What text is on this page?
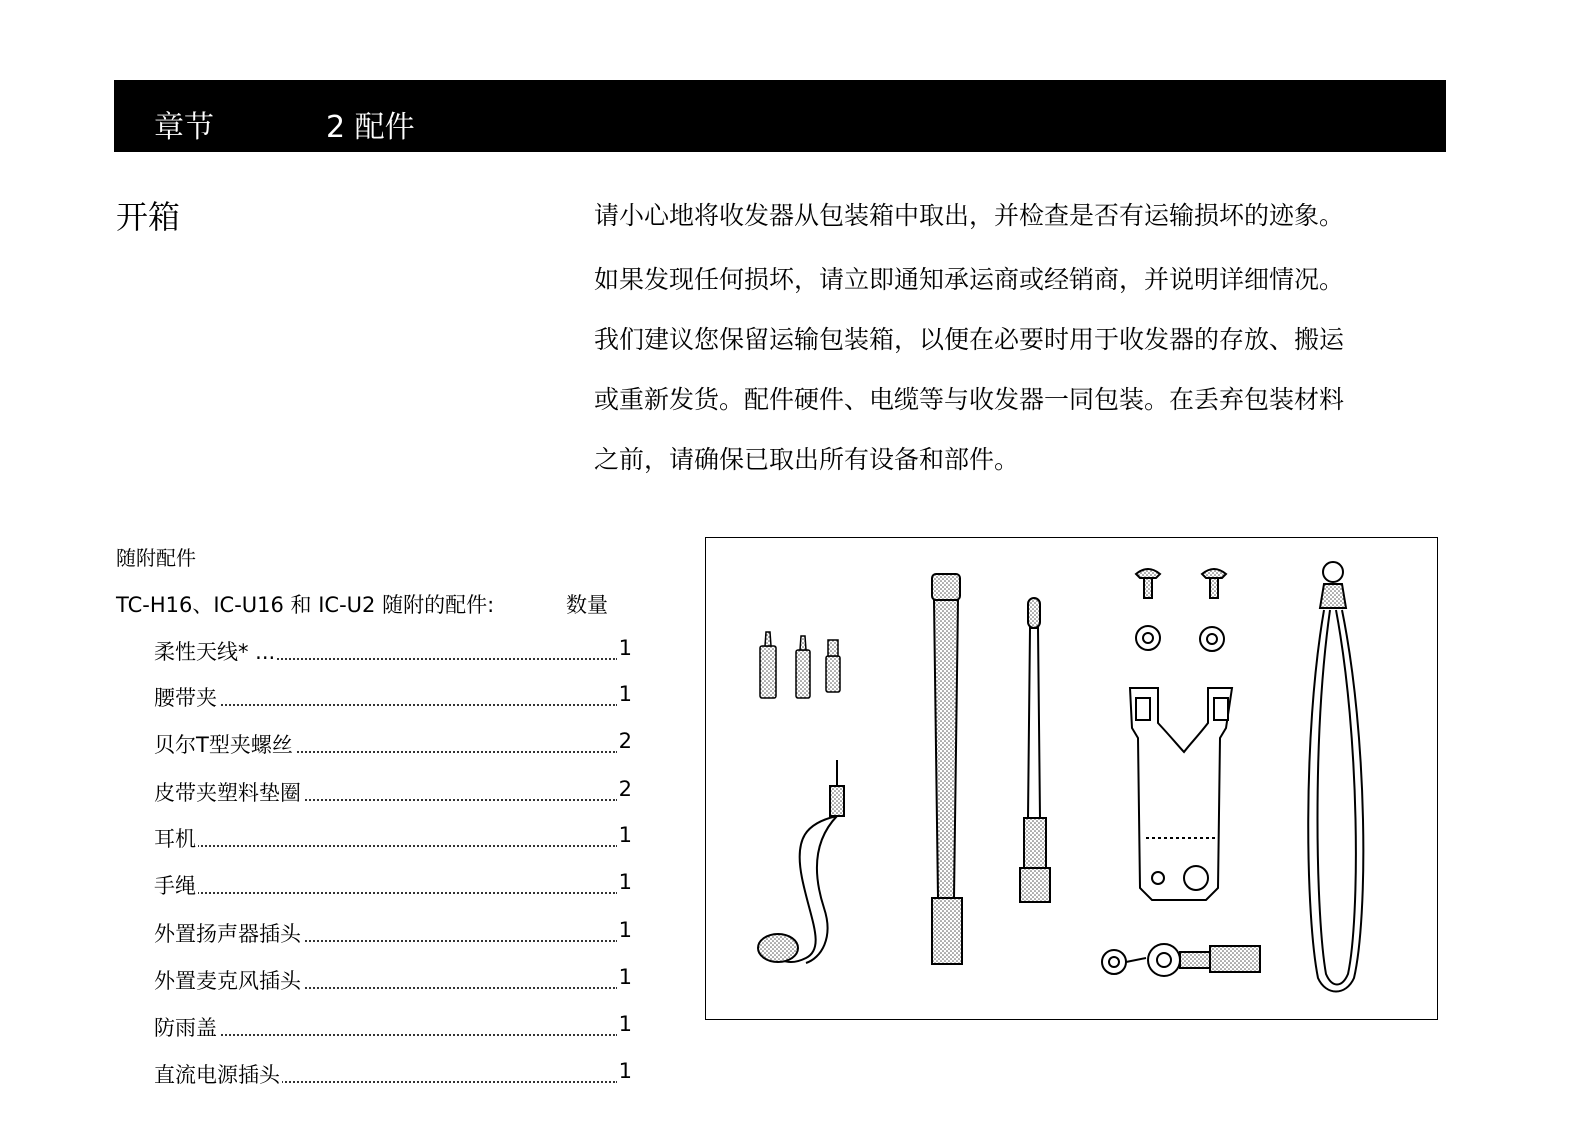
章节	2 配件
开箱	请小心地将收发器从包装箱中取出，并检查是否有运输损坏的迹象。
如果发现任何损坏，请立即通知承运商或经销商，并说明详细情况。
我们建议您保留运输包装箱，以便在必要时用于收发器的存放、搬运
或重新发货。配件硬件、电缆等与收发器一同包装。在丢弃包装材料
之前，请确保已取出所有设备和部件。
随附配件
TC-H16、IC-U16 和 IC-U2 随附的配件:	数量
柔性天线* ...	1
腰带夹	1
贝尔T型夹螺丝	2
皮带夹塑料垫圈	2
耳机	1
手绳	1
外置扬声器插头	1
外置麦克风插头	1
防雨盖	1
直流电源插头	1
